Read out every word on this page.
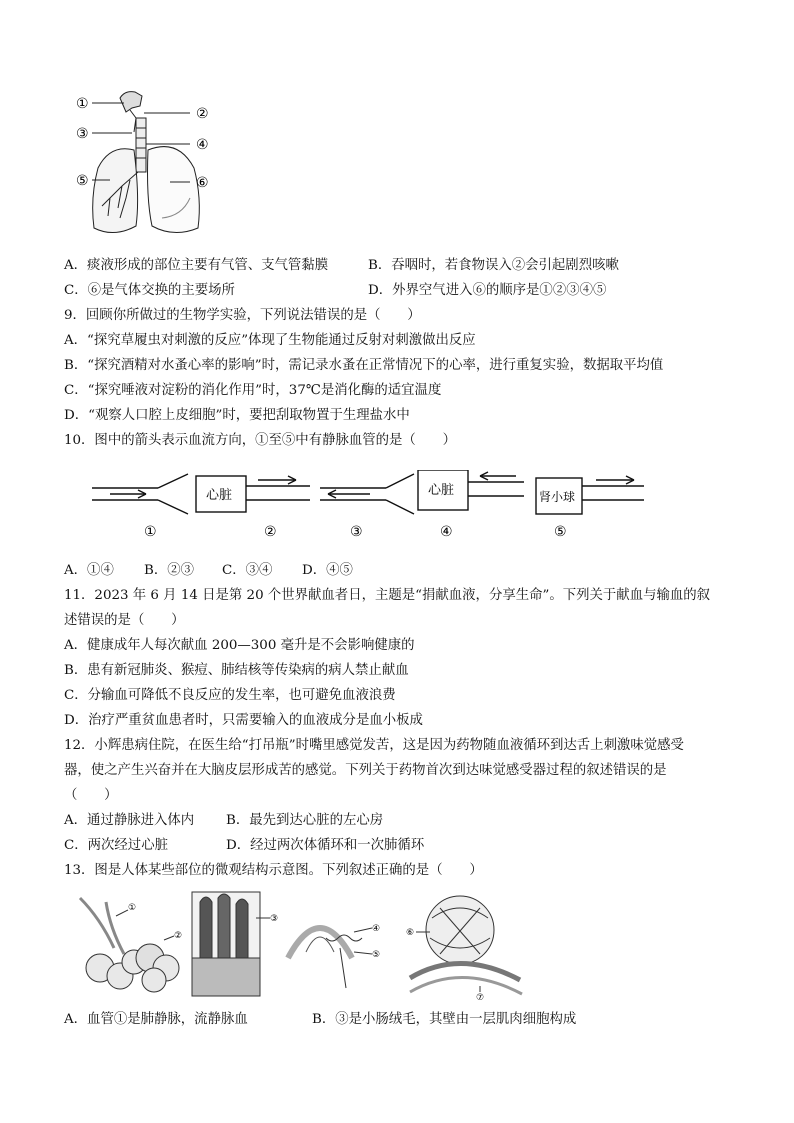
①
②
③
④
⑤	⑥
A．痰液形成的部位主要有气管、支气管黏膜	B．吞咽时，若食物误入②会引起剧烈咳嗽
C．⑥是气体交换的主要场所	D．外界空气进入⑥的顺序是①②③④⑤
9．回顾你所做过的生物学实验，下列说法错误的是（　　）
A．“探究草履虫对刺激的反应”体现了生物能通过反射对刺激做出反应
B．“探究酒精对水蚤心率的影响”时，需记录水蚤在正常情况下的心率，进行重复实验，数据取平均值
C．“探究唾液对淀粉的消化作用”时，37℃是消化酶的适宜温度
D．“观察人口腔上皮细胞”时，要把刮取物置于生理盐水中
10．图中的箭头表示血流方向，①至⑤中有静脉血管的是（　　）
心脏	心脏	肾小球
①	②	③	④	⑤
A．①④ B．②③ C．③④ D．④⑤
11．2023 年 6 月 14 日是第 20 个世界献血者日，主题是“捐献血液，分享生命”。下列关于献血与输血的叙
述错误的是（　　）
A．健康成年人每次献血 200—300 毫升是不会影响健康的
B．患有新冠肺炎、猴痘、肺结核等传染病的病人禁止献血
C．分输血可降低不良反应的发生率，也可避免血液浪费
D．治疗严重贫血患者时，只需要输入的血液成分是血小板成
12．小辉患病住院，在医生给“打吊瓶”时嘴里感觉发苦，这是因为药物随血液循环到达舌上刺激味觉感受
器，使之产生兴奋并在大脑皮层形成苦的感觉。下列关于药物首次到达味觉感受器过程的叙述错误的是
（　　）
A．通过静脉进入体内 B．最先到达心脏的左心房
C．两次经过心脏	D．经过两次体循环和一次肺循环
13．图是人体某些部位的微观结构示意图。下列叙述正确的是（　　）
①
②
③
④
⑤
⑥
⑦
A．血管①是肺静脉，流静脉血	B．③是小肠绒毛，其壁由一层肌肉细胞构成
